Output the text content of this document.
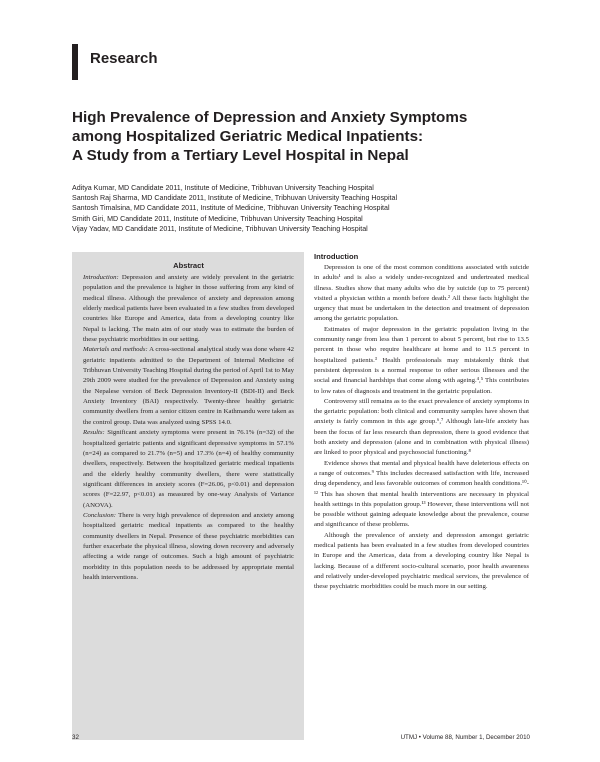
Research
High Prevalence of Depression and Anxiety Symptoms
among Hospitalized Geriatric Medical Inpatients:
A Study from a Tertiary Level Hospital in Nepal
Aditya Kumar, MD Candidate 2011, Institute of Medicine, Tribhuvan University Teaching Hospital
Santosh Raj Sharma, MD Candidate 2011, Institute of Medicine, Tribhuvan University Teaching Hospital
Santosh Timalsina, MD Candidate 2011, Institute of Medicine, Tribhuvan University Teaching Hospital
Smith Giri, MD Candidate 2011, Institute of Medicine, Tribhuvan University Teaching Hospital
Vijay Yadav, MD Candidate 2011, Institute of Medicine, Tribhuvan University Teaching Hospital
Abstract

Introduction: Depression and anxiety are widely prevalent in the geriatric population and the prevalence is higher in those suffering from any kind of medical illness. Although the prevalence of anxiety and depression among elderly medical patients have been evaluated in a few studies from developed countries like Europe and America, data from a developing country like Nepal is lacking. The main aim of our study was to estimate the burden of these psychiatric morbidities in our setting.

Materials and methods: A cross-sectional analytical study was done where 42 geriatric inpatients admitted to the Department of Internal Medicine of Tribhuvan University Teaching Hospital during the period of April 1st to May 29th 2009 were studied for the prevalence of Depression and Anxiety using the Nepalese version of Beck Depression Inventory-II (BDI-II) and Beck Anxiety Inventory (BAI) respectively. Twenty-three healthy geriatric community dwellers from a senior citizen centre in Kathmandu were taken as the control group. Data was analyzed using SPSS 14.0.

Results: Significant anxiety symptoms were present in 76.1% (n=32) of the hospitalized geriatric patients and significant depressive symptoms in 57.1% (n=24) as compared to 21.7% (n=5) and 17.3% (n=4) of healthy community dwellers, respectively. Between the hospitalized geriatric medical inpatients and the elderly healthy community dwellers, there were statistically significant differences in anxiety scores (F=26.06, p<0.01) and depression scores (F=22.97, p<0.01) as measured by one-way Analysis of Variance (ANOVA).

Conclusion: There is very high prevalence of depression and anxiety among hospitalized geriatric medical inpatients as compared to the healthy community dwellers in Nepal. Presence of these psychiatric morbidities can further exacerbate the physical illness, slowing down recovery and adversely affecting a wide range of outcomes. Such a high amount of psychiatric morbidity in this population needs to be addressed by appropriate mental health interventions.

Introduction

Depression is one of the most common conditions associated with suicide in adults¹ and is also a widely under-recognized and undertreated medical illness. Studies show that many adults who die by suicide (up to 75 percent) visited a physician within a month before death.² All these facts highlight the urgency that must be undertaken in the detection and treatment of depression among the geriatric population.

Estimates of major depression in the geriatric population living in the community range from less than 1 percent to about 5 percent, but rise to 13.5 percent in those who require healthcare at home and to 11.5 percent in hospitalized patients.³ Health professionals may mistakenly think that persistent depression is a normal response to other serious illnesses and the social and financial hardships that come along with ageing.⁴,⁵ This contributes to low rates of diagnosis and treatment in the geriatric population.

Controversy still remains as to the exact prevalence of anxiety symptoms in the geriatric population: both clinical and community samples have shown that anxiety is fairly common in this age group.⁶,⁷ Although late-life anxiety has been the focus of far less research than depression, there is good evidence that both anxiety and depression (alone and in combination with physical illness) are linked to poor physical and psychosocial functioning.⁸

Evidence shows that mental and physical health have deleterious effects on a range of outcomes.⁹ This includes decreased satisfaction with life, increased drug dependency, and less favorable outcomes of common health conditions.¹⁰-¹² This has shown that mental health interventions are necessary in physical health settings in this population group.¹³ However, these interventions will not be possible without gaining adequate knowledge about the prevalence, course and significance of these problems.

Although the prevalence of anxiety and depression amongst geriatric medical patients has been evaluated in a few studies from developed countries in Europe and the Americas, data from a developing country like Nepal is lacking. Because of a different socio-cultural scenario, poor health awareness and relatively under-developed psychiatric medical services, the prevalence of these psychiatric morbidities could be much more in our setting.

32	UTMJ • Volume 88, Number 1, December 2010
